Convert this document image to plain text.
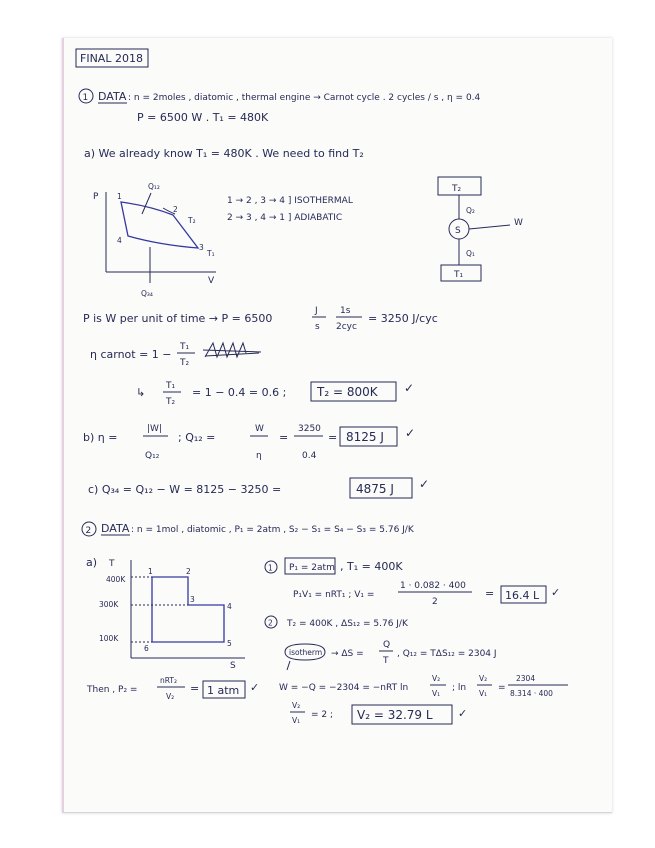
FINAL 2018
1 DATA : n = 2moles , diatomic , thermal engine → Carnot cycle . 2 cycles / s , η = 0.4
P = 6500 W . T₁ = 480K
a) We already know T₁ = 480K . We need to find T₂
P
V
1
2
3
4
Q₁₂
T₂
T₁
Q₃₄
1 → 2 , 3 → 4 ] ISOTHERMAL
2 → 3 , 4 → 1 ] ADIABATIC
T₂
Q₂
S
W
Q₁
T₁
P is W per unit of time → P = 6500
J
s
1s
2cyc
= 3250 J/cyc
η carnot = 1 −
T₁
T₂
↳ T₁
T₂
= 1 − 0.4 = 0.6 ;	T₂ = 800K ✓
b) η =
|W|
Q₁₂
; Q₁₂ =
W
η
=
3250
0.4
= 8125 J ✓
c) Q₃₄ = Q₁₂ − W = 8125 − 3250 =	4875 J ✓
2 DATA : n = 1mol , diatomic , P₁ = 2atm , S₂ − S₁ = S₄ − S₃ = 5.76 J/K
a) T
S
400K
300K
100K
1	2
3
4
5
6
1 P₁ = 2atm , T₁ = 400K
P₁V₁ = nRT₁ ; V₁ =
1 · 0.082 · 400
2
= 16.4 L ✓
2 T₂ = 400K , ΔS₁₂ = 5.76 J/K
isotherm → ΔS =
Q
T
, Q₁₂ = TΔS₁₂ = 2304 J
W = −Q = −2304 = −nRT ln
V₂
V₁
; ln
V₂
V₁
=
2304
8.314 · 400
Then , P₂ =
nRT₂
V₂
= 1 atm ✓
V₂
V₁
= 2 ; V₂ = 32.79 L ✓
